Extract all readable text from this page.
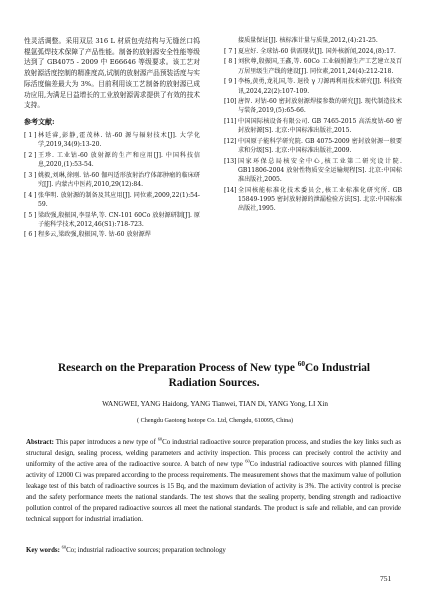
性灵活调整。采用双层 316 L 材质包壳结构与无缝丝口钨棍氩弧焊技术保障了产品性能。制备的放射源安全性能等级达到了 GB4075 - 2009 中 E66646 等级要求。该工艺对放射源活度控制的精准度高,试制的放射源产品预装活度与实际活度偏差最大为 3%。目前利用该工艺制备的放射源已成功应用,为满足日益增长的工业放射源需求提供了有效的技术支持。

参考文献:
[ 1 ] 林廷睿,彭静,霍茂林. 钴-60 源与辐射技术[J]. 大学化学,2019,34(9):13-20.
[ 2 ] 王珍. 工业钴-60 放射源的生产和应用[J]. 中国科技信息,2020,(1):53-54.
[ 3 ] 姚毅,刘琳,徐刚. 钴-60 伽玛适形放射治疗体部肿瘤的临床研究[J]. 内蒙古中医药,2010,29(12):84.
[ 4 ] 张华明. 放射源的制备及其应用[J]. 同位素,2009,22(1):54-59.
[ 5 ] 梁政强,殷振国,李显华,等. CN-101 60Co 放射源研制[J]. 原子能科学技术,2012,46(S1):718-723.
[ 6 ] 程多云,梁政强,殷振国,等. 钴-60 放射源焊
接质量保证[J]. 核标准计量与质量,2012,(4):21-25.
[ 7 ] 夏应好. 全球钴-60 供需现状[J]. 国外核新闻,2024,(8):17.
[ 8 ] 刘狄尊,殷振国,王鑫,等. 60Co 工业辐照源生产工艺建立及百万居里级生产线的建设[J]. 同位素,2011,24(4):212-218.
[ 9 ] 李杨,黄勇,龙礼国,等. 退役 γ 刀源再利用技术研究[J]. 科技资讯,2024,22(2):107-109.
[10] 唐智. 对钴-60 密封放射源焊接参数的研究[J]. 现代制造技术与装备,2019,(5):65-66.
[11] 中国国际核设备有限公司. GB 7465-2015 高活度钴-60 密封放射源[S]. 北京:中国标准出版社,2015.
[12] 中国原子能科学研究院. GB 4075-2009 密封放射源一般要求和分级[S]. 北京:中国标准出版社,2009.
[13] 国家环保总局核安全中心,核工业第二研究设计院. GB11806-2004 放射性物质安全运输规程[S]. 北京:中国标准出版社,2005.
[14] 全国核能标准化技术委员会,核工业标准化研究所. GB 15849-1995 密封放射源的泄漏检验方法[S]. 北京:中国标准出版社,1995.
Research on the Preparation Process of New type $^{60}$Co Industrial Radiation Sources.

WANGWEI, YANG Haidong, YANG Tianwei, TIAN Di, YANG Yong, LI Xin

( Chengdu Gaotong Isotope Co. Ltd, Chengdu, 610095, China)

Abstract: This paper introduces a new type of $^{60}$Co industrial radioactive source preparation process, and studies the key links such as structural design, sealing process, welding parameters and activity inspection. This process can precisely control the activity and uniformity of the active area of the radioactive source. A batch of new type $^{60}$Co industrial radioactive sources with planned filling activity of 12000 Ci was prepared according to the process requirements. The measurement shows that the maximum value of pollution leakage test of this batch of radioactive sources is 15 Bq, and the maximum deviation of activity is 3%. The activity control is precise and the safety performance meets the national standards. The test shows that the sealing property, bending strength and radioactive pollution control of the prepared radioactive sources all meet the national standards. The product is safe and reliable, and can provide technical support for industrial irradiation.

Key words: $^{60}$Co; industrial radioactive sources; preparation technology

751
